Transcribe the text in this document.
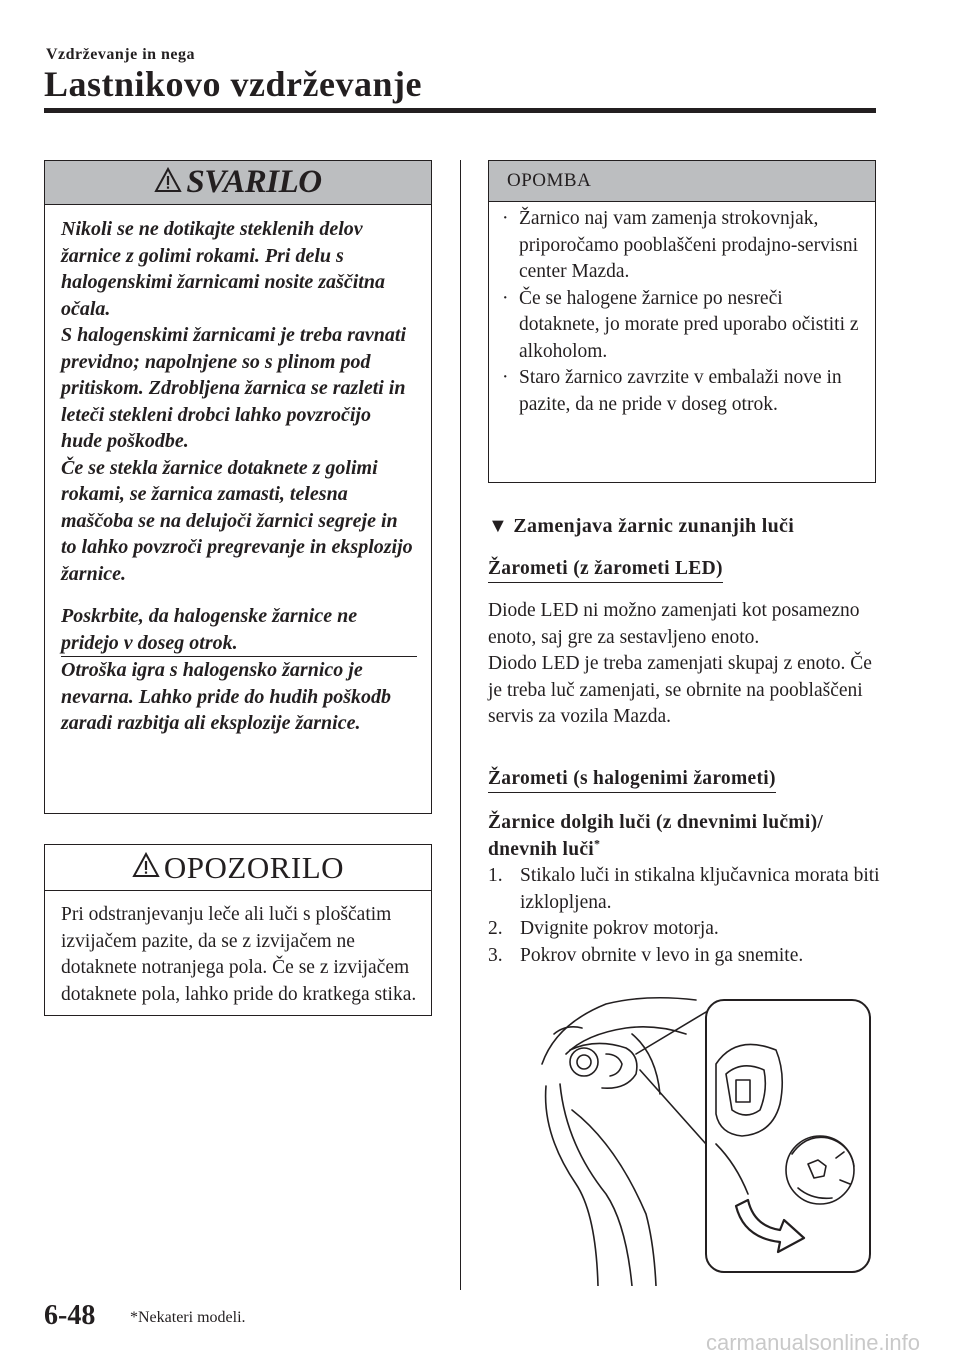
Vzdrževanje in nega
Lastnikovo vzdrževanje
SVARILO

Nikoli se ne dotikajte steklenih delov žarnice z golimi rokami. Pri delu s halogenskimi žarnicami nosite zaščitna očala.

S halogenskimi žarnicami je treba ravnati previdno; napolnjene so s plinom pod pritiskom. Zdrobljena žarnica se razleti in leteči stekleni drobci lahko povzročijo hude poškodbe.

Če se stekla žarnice dotaknete z golimi rokami, se žarnica zamasti, telesna maščoba se na delujoči žarnici segreje in to lahko povzroči pregrevanje in eksplozijo žarnice.

Poskrbite, da halogenske žarnice ne pridejo v doseg otrok.

Otroška igra s halogensko žarnico je nevarna. Lahko pride do hudih poškodb zaradi razbitja ali eksplozije žarnice.

OPOZORILO
Pri odstranjevanju leče ali luči s ploščatim izvijačem pazite, da se z izvijačem ne dotaknete notranjega pola. Če se z izvijačem dotaknete pola, lahko pride do kratkega stika.
OPOMBA
· Žarnico naj vam zamenja strokovnjak, priporočamo pooblaščeni prodajno-servisni center Mazda.
· Če se halogene žarnice po nesreči dotaknete, jo morate pred uporabo očistiti z alkoholom.
· Staro žarnico zavrzite v embalaži nove in pazite, da ne pride v doseg otrok.
▼ Zamenjava žarnic zunanjih luči
Žarometi (z žarometi LED)
Diode LED ni možno zamenjati kot posamezno enoto, saj gre za sestavljeno enoto.
Diodo LED je treba zamenjati skupaj z enoto. Če je treba luč zamenjati, se obrnite na pooblaščeni servis za vozila Mazda.
Žarometi (s halogenimi žarometi)
Žarnice dolgih luči (z dnevnimi lučmi)/ dnevnih luči*
1. Stikalo luči in stikalna ključavnica morata biti izklopljena.
2. Dvignite pokrov motorja.
3. Pokrov obrnite v levo in ga snemite.
6-48 *Nekateri modeli.
carmanualsonline.info
